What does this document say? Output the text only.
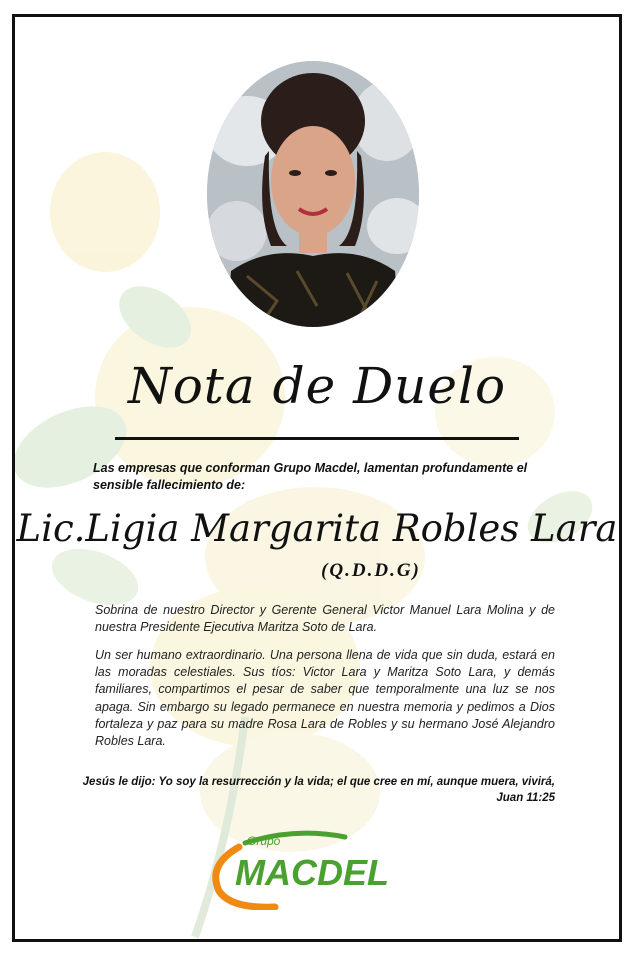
Nota de Duelo
Las empresas que conforman Grupo Macdel, lamentan profundamente el sensible fallecimiento de:
Lic.Ligia Margarita Robles Lara
(Q.D.D.G)
Sobrina de nuestro Director y Gerente General Victor Manuel Lara Molina y de nuestra Presidente Ejecutiva Maritza Soto de Lara.
Un ser humano extraordinario. Una persona llena de vida que sin duda, estará en las moradas celestiales. Sus tíos: Victor Lara y Maritza Soto Lara, y demás familiares, compartimos el pesar de saber que temporalmente una luz se nos apaga. Sin embargo su legado permanece en nuestra memoria y pedimos a Dios fortaleza y paz para su madre Rosa Lara de Robles y su hermano José Alejandro Robles Lara.
Jesús le dijo: Yo soy la resurrección y la vida; el que cree en mí, aunque muera, vivirá,
Juan 11:25
Grupo
MACDEL
